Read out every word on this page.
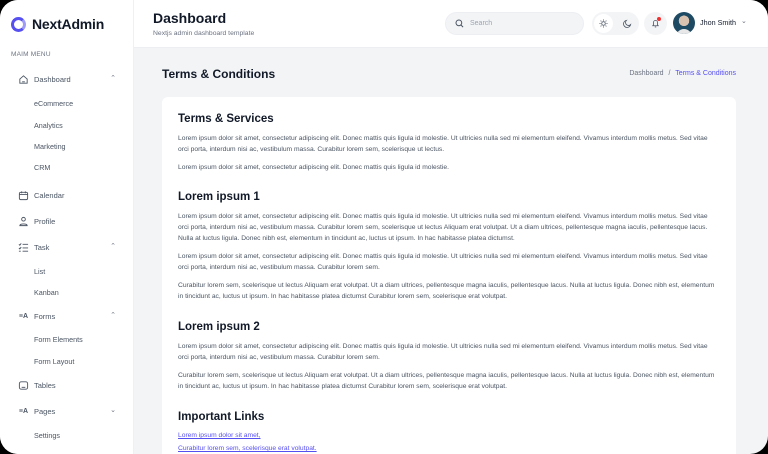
NextAdmin
MAIM MENU
Dashboard	⌃
eCommerce
Analytics
Marketing
CRM
Calendar
Profile
Task	⌃
List
Kanban
≡A Forms	⌃
Form Elements
Form Layout
Tables
≡A Pages	⌄
Settings
Dashboard
Nextjs admin dashboard template
Search	Jhon Smith ⌄
Terms & Conditions	Dashboard / Terms & Conditions
Terms & Services

Lorem ipsum dolor sit amet, consectetur adipiscing elit. Donec mattis quis ligula id molestie. Ut ultricies nulla sed mi elementum eleifend. Vivamus interdum mollis metus. Sed vitae orci porta, interdum nisi ac, vestibulum massa. Curabitur lorem sem, scelerisque ut lectus.

Lorem ipsum dolor sit amet, consectetur adipiscing elit. Donec mattis quis ligula id molestie.

Lorem ipsum 1

Lorem ipsum dolor sit amet, consectetur adipiscing elit. Donec mattis quis ligula id molestie. Ut ultricies nulla sed mi elementum eleifend. Vivamus interdum mollis metus. Sed vitae orci porta, interdum nisi ac, vestibulum massa. Curabitur lorem sem, scelerisque ut lectus Aliquam erat volutpat. Ut a diam ultrices, pellentesque magna iaculis, pellentesque lacus. Nulla at luctus ligula. Donec nibh est, elementum in tincidunt ac, luctus ut ipsum. In hac habitasse platea dictumst.

Lorem ipsum dolor sit amet, consectetur adipiscing elit. Donec mattis quis ligula id molestie. Ut ultricies nulla sed mi elementum eleifend. Vivamus interdum mollis metus. Sed vitae orci porta, interdum nisi ac, vestibulum massa. Curabitur lorem sem.

Curabitur lorem sem, scelerisque ut lectus Aliquam erat volutpat. Ut a diam ultrices, pellentesque magna iaculis, pellentesque lacus. Nulla at luctus ligula. Donec nibh est, elementum in tincidunt ac, luctus ut ipsum. In hac habitasse platea dictumst Curabitur lorem sem, scelerisque erat volutpat.

Lorem ipsum 2

Lorem ipsum dolor sit amet, consectetur adipiscing elit. Donec mattis quis ligula id molestie. Ut ultricies nulla sed mi elementum eleifend. Vivamus interdum mollis metus. Sed vitae orci porta, interdum nisi ac, vestibulum massa. Curabitur lorem sem.

Curabitur lorem sem, scelerisque ut lectus Aliquam erat volutpat. Ut a diam ultrices, pellentesque magna iaculis, pellentesque lacus. Nulla at luctus ligula. Donec nibh est, elementum in tincidunt ac, luctus ut ipsum. In hac habitasse platea dictumst Curabitur lorem sem, scelerisque erat volutpat.

Important Links
Lorem ipsum dolor sit amet,
Curabitur lorem sem, scelerisque erat volutpat.
